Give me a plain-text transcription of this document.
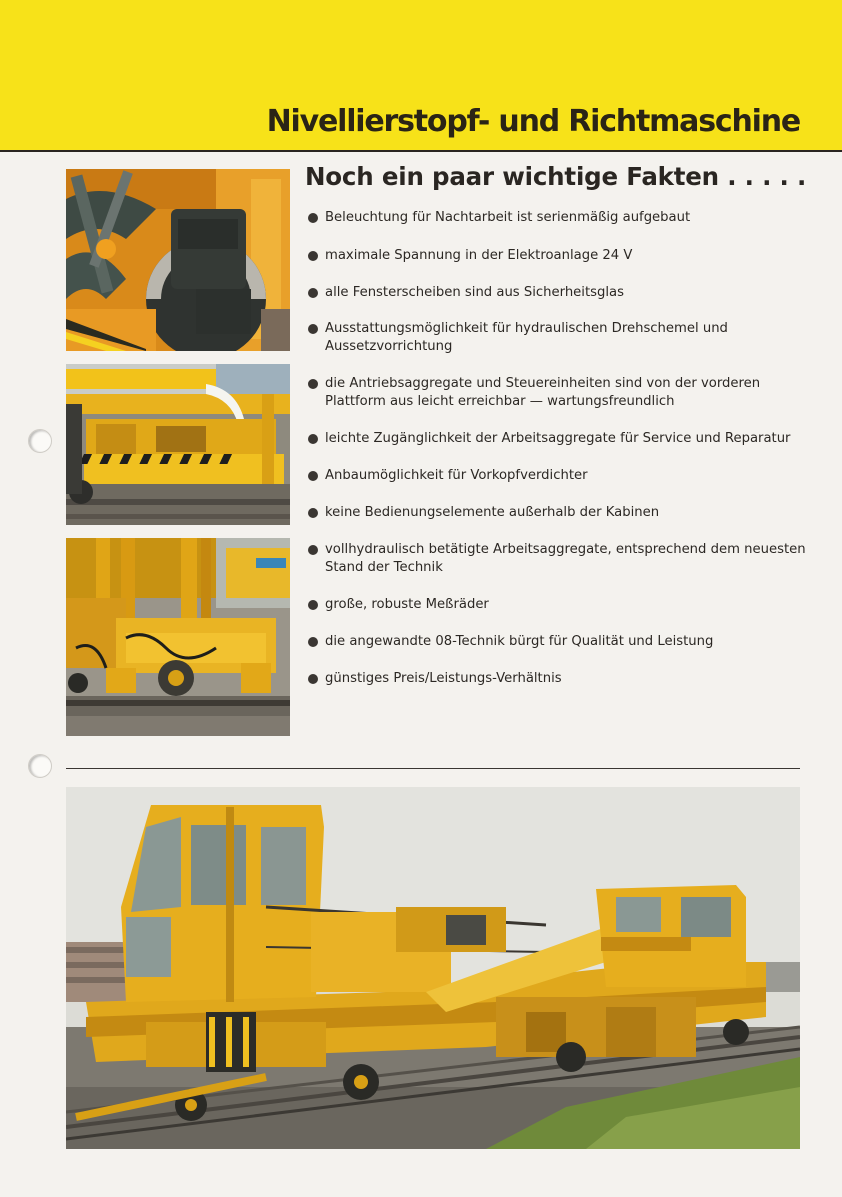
Nivellierstopf- und Richtmaschine
Noch ein paar wichtige Fakten . . . . .
Beleuchtung für Nachtarbeit ist serienmäßig aufgebaut
maximale Spannung in der Elektroanlage 24 V
alle Fensterscheiben sind aus Sicherheitsglas
Ausstattungsmöglichkeit für hydraulischen Drehschemel und Aussetzvorrichtung
die Antriebsaggregate und Steuereinheiten sind von der vorderen Plattform aus leicht erreichbar — wartungsfreundlich
leichte Zugänglichkeit der Arbeitsaggregate für Service und Reparatur
Anbaumöglichkeit für Vorkopfverdichter
keine Bedienungselemente außerhalb der Kabinen
vollhydraulisch betätigte Arbeitsaggregate, entsprechend dem neuesten Stand der Technik
große, robuste Meßräder
die angewandte 08-Technik bürgt für Qualität und Leistung
günstiges Preis/Leistungs-Verhältnis
